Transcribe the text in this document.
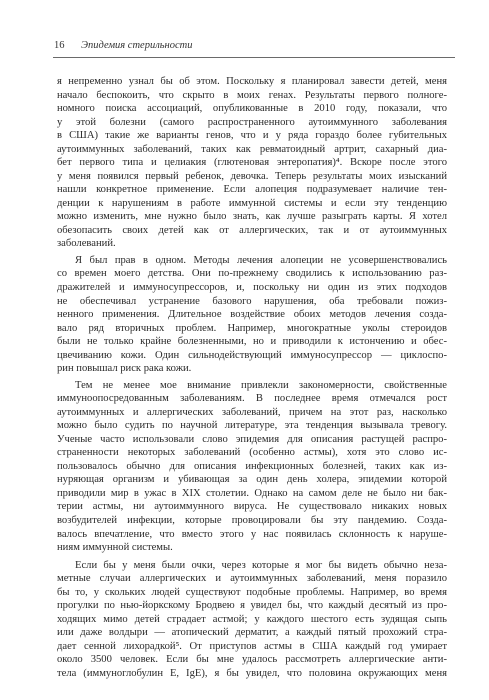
16 Эпидемия стерильности
я непременно узнал бы об этом. Поскольку я планировал завести детей, меня
начало беспокоить, что скрыто в моих генах. Результаты первого полноге-
номного поиска ассоциаций, опубликованные в 2010 году, показали, что
у этой болезни (самого распространенного аутоиммунного заболевания
в США) такие же варианты генов, что и у ряда гораздо более губительных
аутоиммунных заболеваний, таких как ревматоидный артрит, сахарный диа-
бет первого типа и целиакия (глютеновая энтеропатия)⁴. Вскоре после этого
у меня появился первый ребенок, девочка. Теперь результаты моих изысканий
нашли конкретное применение. Если алопеция подразумевает наличие тен-
денции к нарушениям в работе иммунной системы и если эту тенденцию
можно изменить, мне нужно было знать, как лучше разыграть карты. Я хотел
обезопасить своих детей как от аллергических, так и от аутоиммунных
заболеваний.
Я был прав в одном. Методы лечения алопеции не усовершенствовались
со времен моего детства. Они по-прежнему сводились к использованию раз-
дражителей и иммуносупрессоров, и, поскольку ни один из этих подходов
не обеспечивал устранение базового нарушения, оба требовали пожиз-
ненного применения. Длительное воздействие обоих методов лечения созда-
вало ряд вторичных проблем. Например, многократные уколы стероидов
были не только крайне болезненными, но и приводили к истончению и обес-
цвечиванию кожи. Один сильнодействующий иммуносупрессор — циклоспо-
рин повышал риск рака кожи.
Тем не менее мое внимание привлекли закономерности, свойственные
иммуноопосредованным заболеваниям. В последнее время отмечался рост
аутоиммунных и аллергических заболеваний, причем на этот раз, насколько
можно было судить по научной литературе, эта тенденция вызывала тревогу.
Ученые часто использовали слово эпидемия для описания растущей распро-
страненности некоторых заболеваний (особенно астмы), хотя это слово ис-
пользовалось обычно для описания инфекционных болезней, таких как из-
нуряющая организм и убивающая за один день холера, эпидемии которой
приводили мир в ужас в XIX столетии. Однако на самом деле не было ни бак-
терии астмы, ни аутоиммунного вируса. Не существовало никаких новых
возбудителей инфекции, которые провоцировали бы эту пандемию. Созда-
валось впечатление, что вместо этого у нас появилась склонность к наруше-
ниям иммунной системы.
Если бы у меня были очки, через которые я мог бы видеть обычно неза-
метные случаи аллергических и аутоиммунных заболеваний, меня поразило
бы то, у скольких людей существуют подобные проблемы. Например, во время
прогулки по нью-йоркскому Бродвею я увидел бы, что каждый десятый из про-
ходящих мимо детей страдает астмой; у каждого шестого есть зудящая сыпь
или даже волдыри — атопический дерматит, а каждый пятый прохожий стра-
дает сенной лихорадкой⁵. От приступов астмы в США каждый год умирает
около 3500 человек. Если бы мне удалось рассмотреть аллергические анти-
тела (иммуноглобулин Е, IgE), я бы увидел, что половина окружающих меня
